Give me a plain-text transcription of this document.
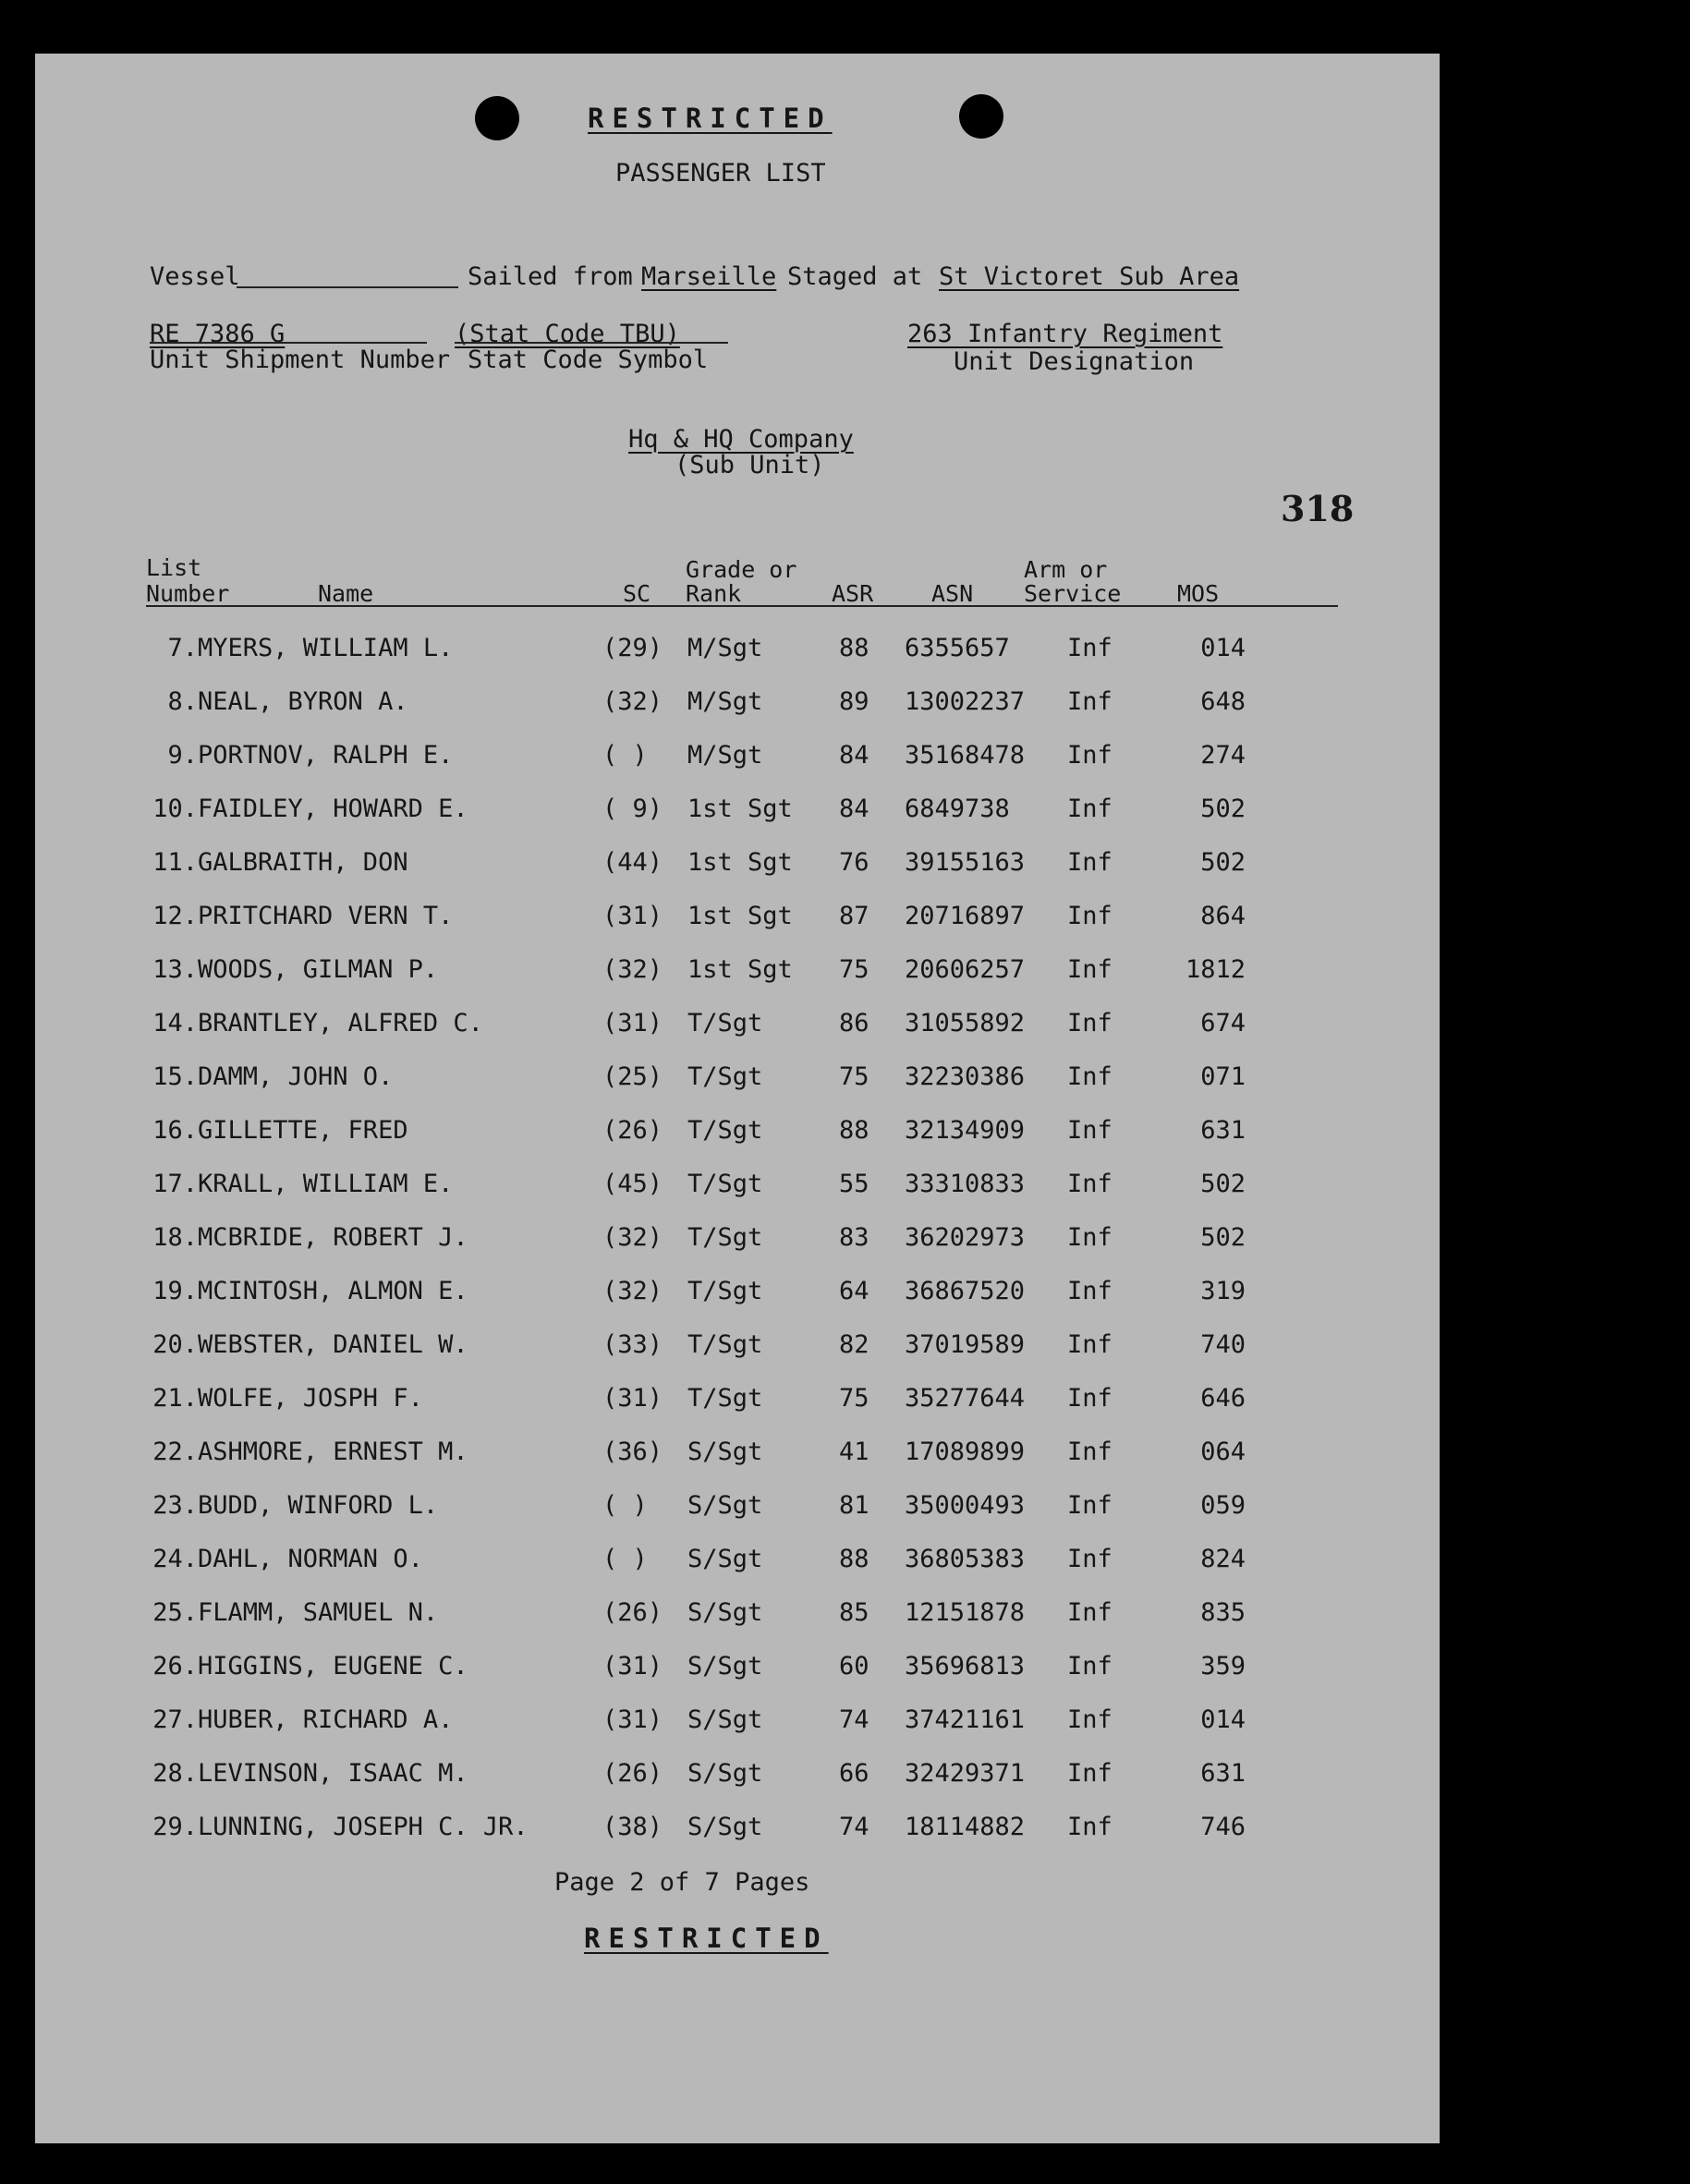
RESTRICTED
PASSENGER LIST
Vessel	Sailed from Marseille Staged at St Victoret Sub Area
RE 7386 G
Unit Shipment Number
(Stat Code TBU)
Stat Code Symbol
263 Infantry Regiment
Unit Designation
Hq & HQ Company
(Sub Unit)
318
List
Number	Name	SC
Grade or
Rank	ASR	ASN
Arm or
Service MOS
7. MYERS, WILLIAM L.	(29) M/Sgt	88 6355657 Inf	014
8. NEAL, BYRON A.	(32) M/Sgt	89 13002237 Inf	648
9. PORTNOV, RALPH E.	( ) M/Sgt	84 35168478 Inf	274
10. FAIDLEY, HOWARD E.	( 9) 1st Sgt 84 6849738 Inf	502
11. GALBRAITH, DON	(44) 1st Sgt 76 39155163 Inf	502
12. PRITCHARD VERN T.	(31) 1st Sgt 87 20716897 Inf	864
13. WOODS, GILMAN P.	(32) 1st Sgt 75 20606257 Inf	1812
14. BRANTLEY, ALFRED C.	(31) T/Sgt	86 31055892 Inf	674
15. DAMM, JOHN O.	(25) T/Sgt	75 32230386 Inf	071
16. GILLETTE, FRED	(26) T/Sgt	88 32134909 Inf	631
17. KRALL, WILLIAM E.	(45) T/Sgt	55 33310833 Inf	502
18. MCBRIDE, ROBERT J.	(32) T/Sgt	83 36202973 Inf	502
19. MCINTOSH, ALMON E.	(32) T/Sgt	64 36867520 Inf	319
20. WEBSTER, DANIEL W.	(33) T/Sgt	82 37019589 Inf	740
21. WOLFE, JOSPH F.	(31) T/Sgt	75 35277644 Inf	646
22. ASHMORE, ERNEST M.	(36) S/Sgt	41 17089899 Inf	064
23. BUDD, WINFORD L.	( ) S/Sgt	81 35000493 Inf	059
24. DAHL, NORMAN O.	( ) S/Sgt	88 36805383 Inf	824
25. FLAMM, SAMUEL N.	(26) S/Sgt	85 12151878 Inf	835
26. HIGGINS, EUGENE C.	(31) S/Sgt	60 35696813 Inf	359
27. HUBER, RICHARD A.	(31) S/Sgt	74 37421161 Inf	014
28. LEVINSON, ISAAC M.	(26) S/Sgt	66 32429371 Inf	631
29. LUNNING, JOSEPH C. JR.	(38) S/Sgt	74 18114882 Inf	746
Page 2 of 7 Pages
RESTRICTED
